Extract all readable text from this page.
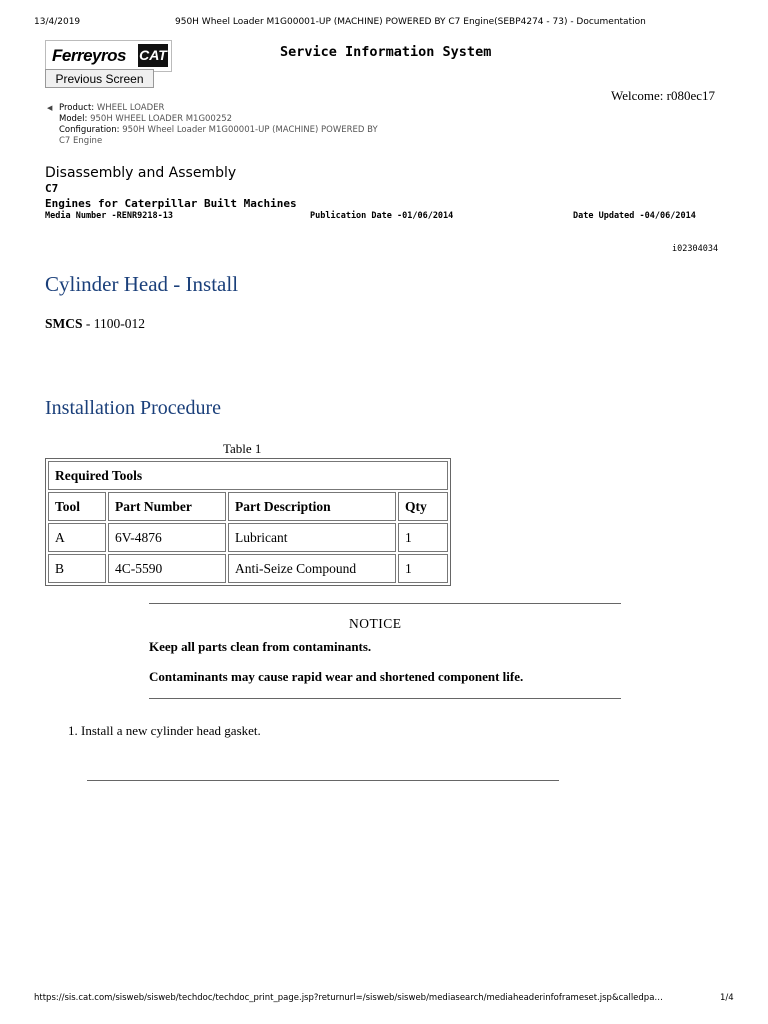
13/4/2019	950H Wheel Loader M1G00001-UP (MACHINE) POWERED BY C7 Engine(SEBP4274 - 73) - Documentation
Ferreyros CAT	Service Information System
Previous Screen
Welcome: r080ec17
◀ Product: WHEEL LOADER
Model: 950H WHEEL LOADER M1G00252
Configuration: 950H Wheel Loader M1G00001-UP (MACHINE) POWERED BY
C7 Engine
Disassembly and Assembly
C7
Engines for Caterpillar Built Machines
Media Number -RENR9218-13	Publication Date -01/06/2014	Date Updated -04/06/2014
i02304034
Cylinder Head - Install
SMCS - 1100-012
Installation Procedure
Table 1
Required Tools			
Tool	Part Number	Part Description	Qty
A	6V-4876	Lubricant	1
B	4C-5590	Anti-Seize Compound	1
NOTICE
Keep all parts clean from contaminants.
Contaminants may cause rapid wear and shortened component life.
1. Install a new cylinder head gasket.
https://sis.cat.com/sisweb/sisweb/techdoc/techdoc_print_page.jsp?returnurl=/sisweb/sisweb/mediasearch/mediaheaderinfoframeset.jsp&calledpa…	1/4
